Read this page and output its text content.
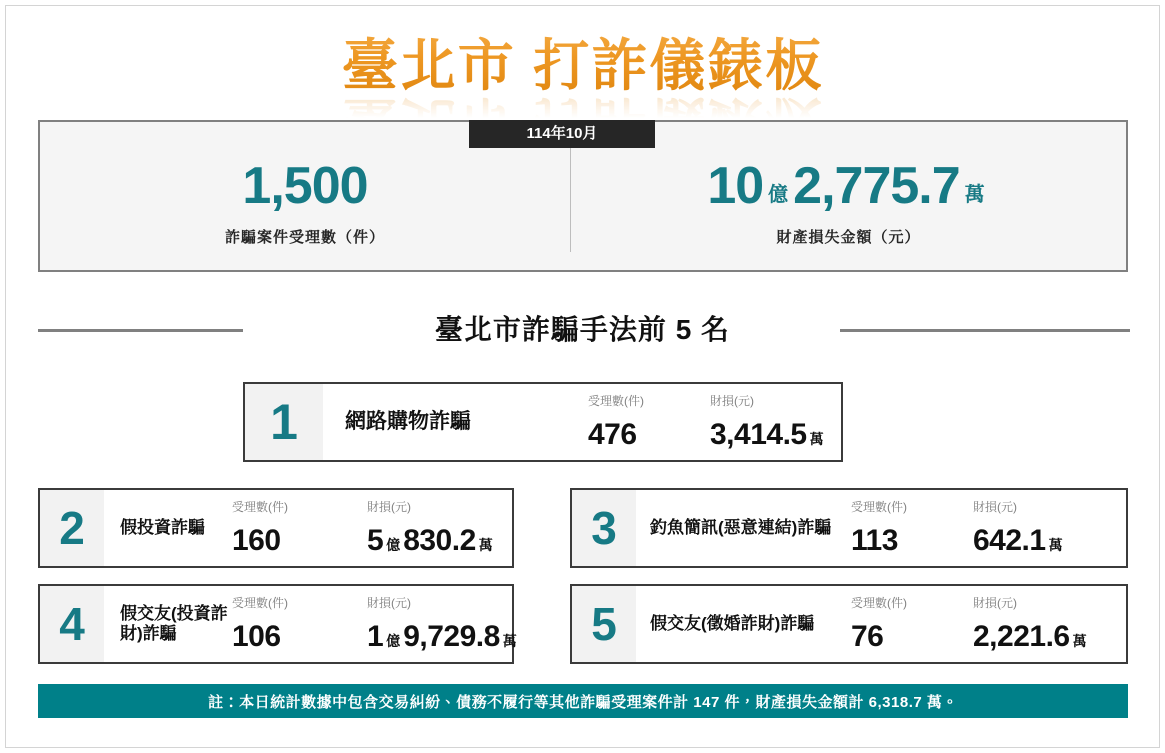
臺北市 打詐儀錶板
114年10月
1,500
詐騙案件受理數（件）
10 億2,775.7 萬
財產損失金額（元）
臺北市詐騙手法前 5 名
1	網路購物詐騙
受理數(件)
476
財損(元)
3,414.5 萬
2	假投資詐騙
受理數(件)
160
財損(元)
5 億 830.2 萬	3	釣魚簡訊(惡意連結)詐騙
受理數(件)
113
財損(元)
642.1 萬
4	假交友(投資詐財)詐騙
受理數(件)
106
財損(元)
1 億 9,729.8 萬	5	假交友(徵婚詐財)詐騙
受理數(件)
76
財損(元)
2,221.6 萬
註：本日統計數據中包含交易糾紛、債務不履行等其他詐騙受理案件計 147 件，財產損失金額計 6,318.7 萬。
